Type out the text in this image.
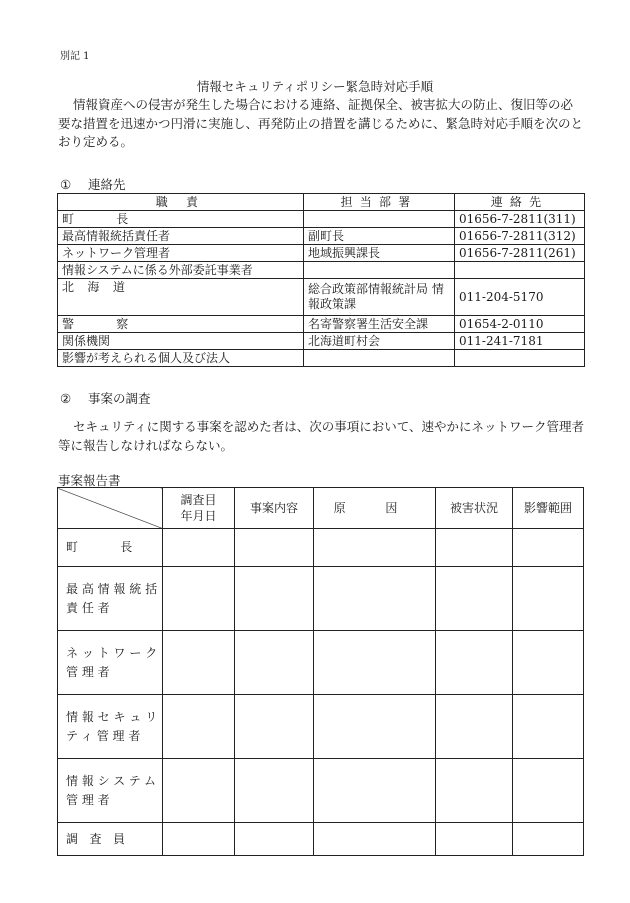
別記 1
情報セキュリティポリシー緊急時対応手順
情報資産への侵害が発生した場合における連絡、証拠保全、被害拡大の防止、復旧等の必要な措置を迅速かつ円滑に実施し、再発防止の措置を講じるために、緊急時対応手順を次のとおり定める。
① 連絡先
職 責	担当部署	連絡先
町 長		01656-7-2811(311)
最高情報統括責任者	副町長	01656-7-2811(312)
ネットワーク管理者	地域振興課長	01656-7-2811(261)
情報システムに係る外部委託事業者		
北 海 道	総合政策部情報統計局 情報政策課	011-204-5170
警 察	名寄警察署生活安全課	01654-2-0110
関係機関	北海道町村会	011-241-7181
影響が考えられる個人及び法人		
② 事案の調査
セキュリティに関する事案を認めた者は、次の事項において、速やかにネットワーク管理者等に報告しなければならない。
事案報告書
	調査目 年月日	事案内容	原 因	被害状況	影響範囲
町 長					
最高情報統括責任者					
ネットワーク管理者					
情報セキュリティ管理者					
情報システム管理者					
調 査 員					
